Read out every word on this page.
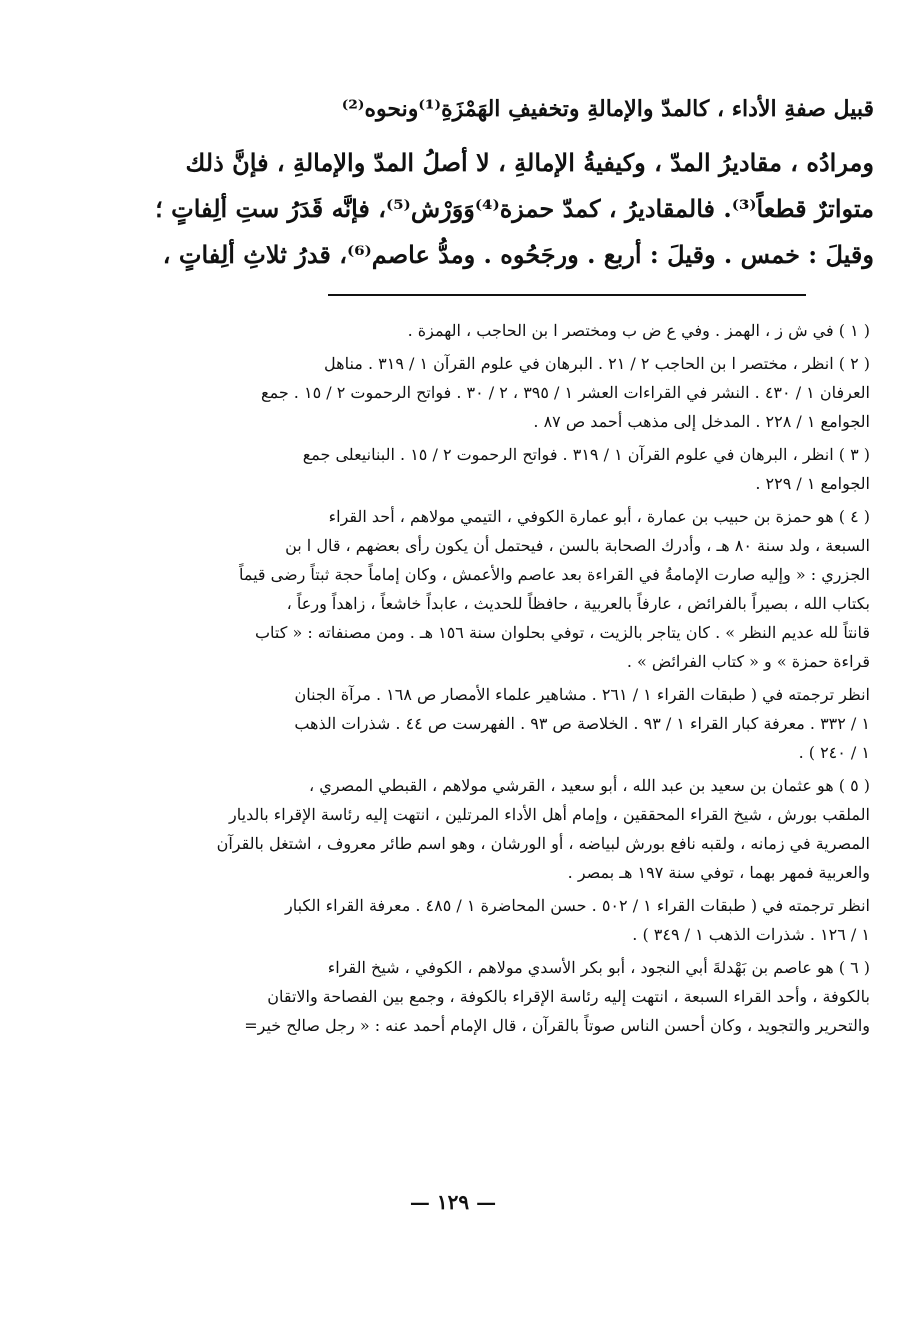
قبيل صفةِ الأداء ، كالمدّ والإمالةِ وتخفيفِ الهَمْزَةِ⁽¹⁾ونحوه⁽²⁾
ومرادُه ، مقاديرُ المدّ ، وكيفيةُ الإمالةِ ، لا أصلُ المدّ والإمالةِ ، فإنَّ ذلك
متواترٌ قطعاً⁽³⁾. فالمقاديرُ ، كمدّ حمزة⁽⁴⁾وَوَرْش⁽⁵⁾، فإنَّه قَدَرُ ستِ ألِفاتٍ ؛
وقيلَ : خمس . وقيلَ : أربع . ورجَحُوه . ومدُّ عاصم⁽⁶⁾، قدرُ ثلاثِ ألِفاتٍ ،
( ١ ) في ش ز ، الهمز . وفي ع ض ب ومختصر ا بن الحاجب ، الهمزة .
( ٢ ) انظر ، مختصر ا بن الحاجب ٢ / ٢١ . البرهان في علوم القرآن ١ / ٣١٩ . مناهل
العرفان ١ / ٤٣٠ . النشر في القراءات العشر ١ / ٣٩٥ ، ٢ / ٣٠ . فواتح الرحموت ٢ / ١٥ . جمع
الجوامع ١ / ٢٢٨ . المدخل إلى مذهب أحمد ص ٨٧ .
( ٣ ) انظر ، البرهان في علوم القرآن ١ / ٣١٩ . فواتح الرحموت ٢ / ١٥ . البنانيعلى جمع
الجوامع ١ / ٢٢٩ .
( ٤ ) هو حمزة بن حبيب بن عمارة ، أبو عمارة الكوفي ، التيمي مولاهم ، أحد القراء
السبعة ، ولد سنة ٨٠ هـ ، وأدرك الصحابة بالسن ، فيحتمل أن يكون رأى بعضهم ، قال ا بن
الجزري : « وإليه صارت الإمامةُ في القراءة بعد عاصم والأعمش ، وكان إماماً حجة ثبتاً رضى قيماً
بكتاب الله ، بصيراً بالفرائض ، عارفاً بالعربية ، حافظاً للحديث ، عابداً خاشعاً ، زاهداً ورعاً ،
قانتاً لله عديم النظر » . كان يتاجر بالزيت ، توفي بحلوان سنة ١٥٦ هـ . ومن مصنفاته : « كتاب
قراءة حمزة » و « كتاب الفرائض » .
انظر ترجمته في ( طبقات القراء ١ / ٢٦١ . مشاهير علماء الأمصار ص ١٦٨ . مرآة الجنان
١ / ٣٣٢ . معرفة كبار القراء ١ / ٩٣ . الخلاصة ص ٩٣ . الفهرست ص ٤٤ . شذرات الذهب
١ / ٢٤٠ ) .
( ٥ ) هو عثمان بن سعيد بن عبد الله ، أبو سعيد ، القرشي مولاهم ، القبطي المصري ،
الملقب بورش ، شيخ القراء المحققين ، وإمام أهل الأداء المرتلين ، انتهت إليه رئاسة الإقراء بالديار
المصرية في زمانه ، ولقبه نافع بورش لبياضه ، أو الورشان ، وهو اسم طائر معروف ، اشتغل بالقرآن
والعربية فمهر بهما ، توفي سنة ١٩٧ هـ بمصر .
انظر ترجمته في ( طبقات القراء ١ / ٥٠٢ . حسن المحاضرة ١ / ٤٨٥ . معرفة القراء الكبار
١ / ١٢٦ . شذرات الذهب ١ / ٣٤٩ ) .
( ٦ ) هو عاصم بن بَهْدلةَ أبي النجود ، أبو بكر الأسدي مولاهم ، الكوفي ، شيخ القراء
بالكوفة ، وأحد القراء السبعة ، انتهت إليه رئاسة الإقراء بالكوفة ، وجمع بين الفصاحة والاتقان
والتحرير والتجويد ، وكان أحسن الناس صوتاً بالقرآن ، قال الإمام أحمد عنه : « رجل صالح خير=
— ١٢٩ —
